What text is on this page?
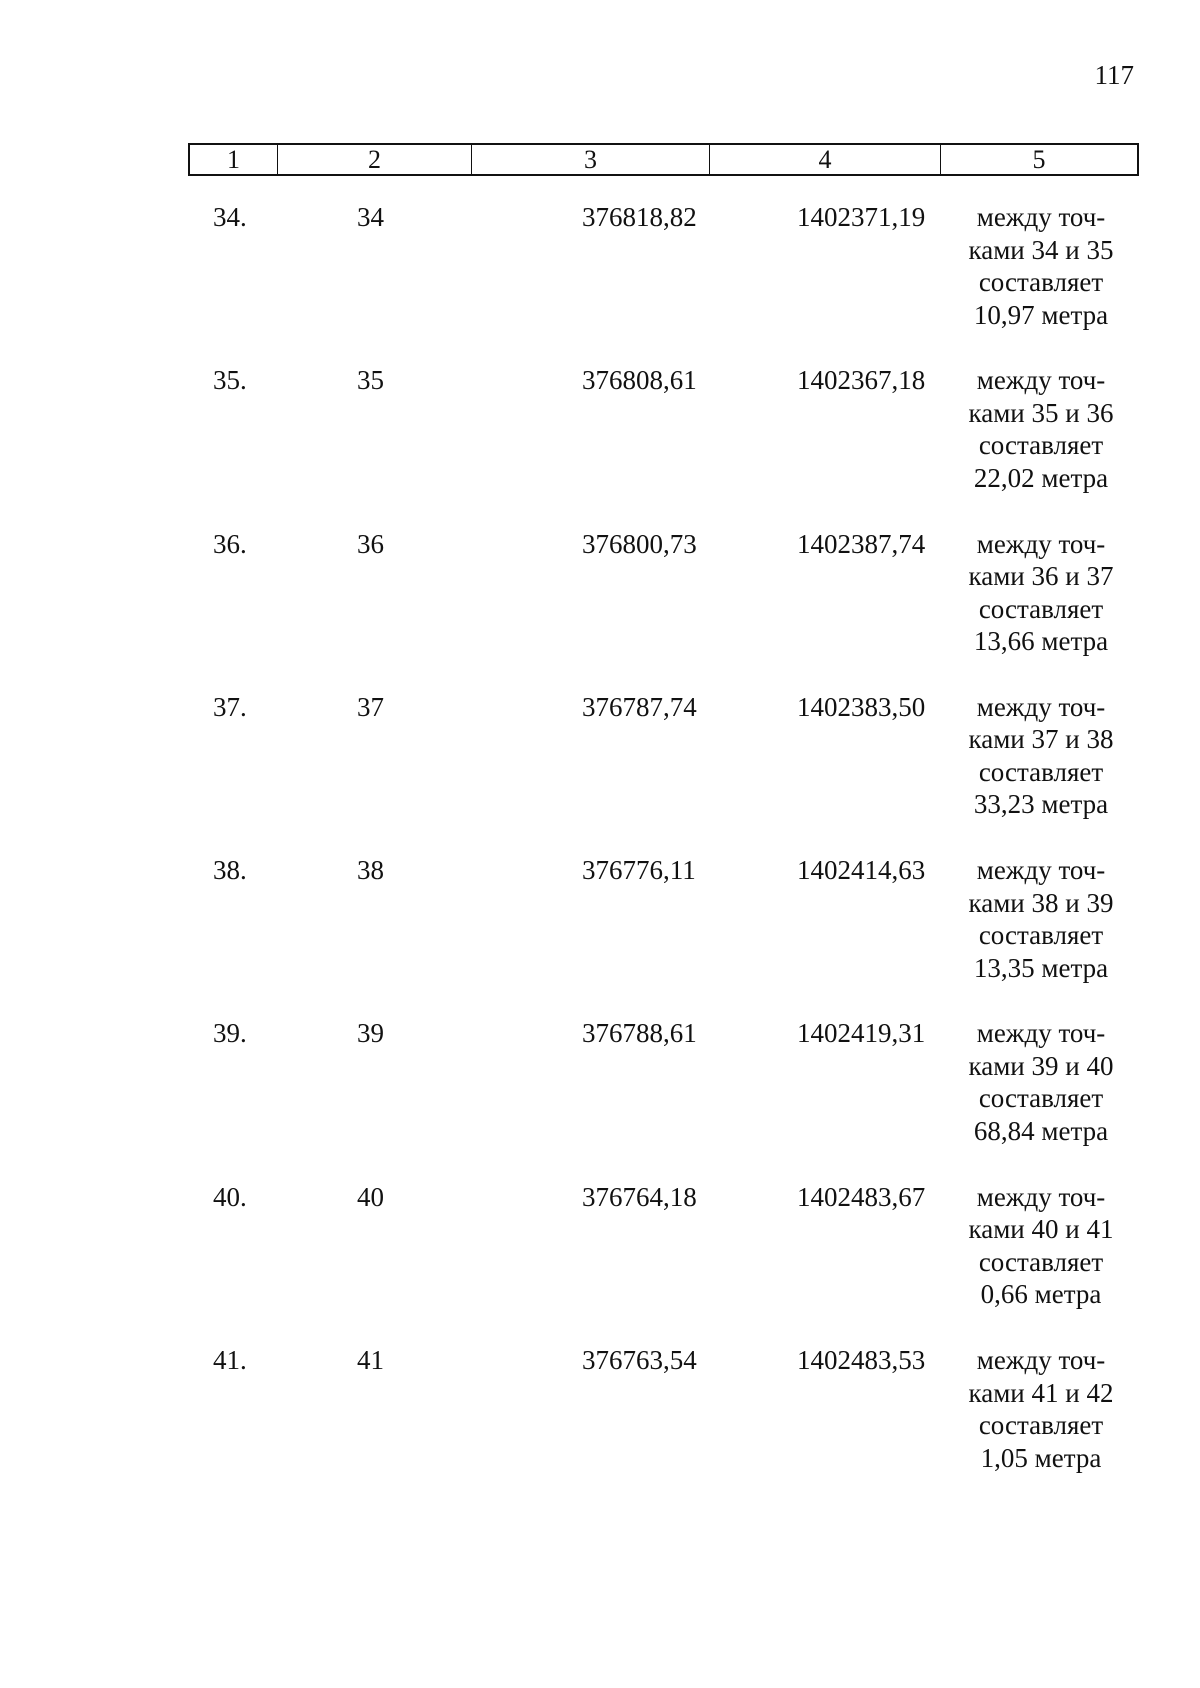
117
1	2	3	4	5
34.	34	376818,82	1402371,19	между точ-
ками 34 и 35
составляет
10,97 метра
35.	35	376808,61	1402367,18	между точ-
ками 35 и 36
составляет
22,02 метра
36.	36	376800,73	1402387,74	между точ-
ками 36 и 37
составляет
13,66 метра
37.	37	376787,74	1402383,50	между точ-
ками 37 и 38
составляет
33,23 метра
38.	38	376776,11	1402414,63	между точ-
ками 38 и 39
составляет
13,35 метра
39.	39	376788,61	1402419,31	между точ-
ками 39 и 40
составляет
68,84 метра
40.	40	376764,18	1402483,67	между точ-
ками 40 и 41
составляет
0,66 метра
41.	41	376763,54	1402483,53	между точ-
ками 41 и 42
составляет
1,05 метра
